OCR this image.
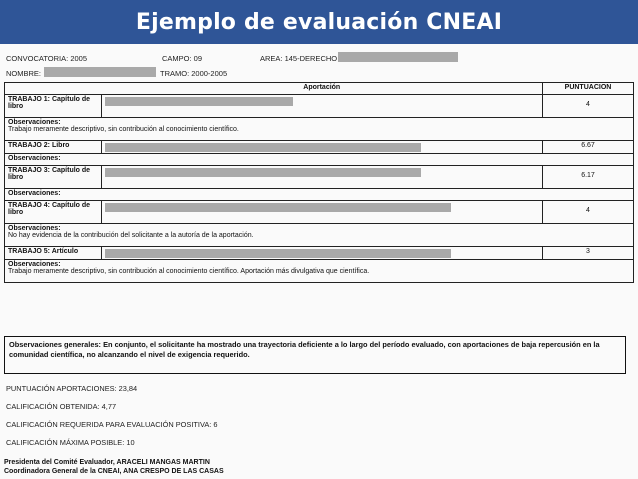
Ejemplo de evaluación CNEAI
CONVOCATORIA: 2005	CAMPO: 09	AREA: 145-DERECHO
NOMBRE:	TRAMO: 2000-2005
	Aportación	PUNTUACION
TRABAJO 1: Capítulo de libro		4

Observaciones:
Trabajo meramente descriptivo, sin contribución al conocimiento científico.		
TRABAJO 2: Libro		6.67

Observaciones:		

TRABAJO 3: Capítulo de libro		6.17

Observaciones:		

TRABAJO 4: Capítulo de libro		4

Observaciones:
No hay evidencia de la contribución del solicitante a la autoría de la aportación.		
TRABAJO 5: Artículo		3

Observaciones:
Trabajo meramente descriptivo, sin contribución al conocimiento científico. Aportación más divulgativa que científica.		
Observaciones generales: En conjunto, el solicitante ha mostrado una trayectoria deficiente a lo largo del período evaluado, con aportaciones de baja repercusión en la comunidad científica, no alcanzando el nivel de exigencia requerido.
PUNTUACIÓN APORTACIONES: 23,84
CALIFICACIÓN OBTENIDA: 4,77
CALIFICACIÓN REQUERIDA PARA EVALUACIÓN POSITIVA: 6
CALIFICACIÓN MÁXIMA POSIBLE: 10
Presidenta del Comité Evaluador, ARACELI MANGAS MARTIN
Coordinadora General de la CNEAI, ANA CRESPO DE LAS CASAS
